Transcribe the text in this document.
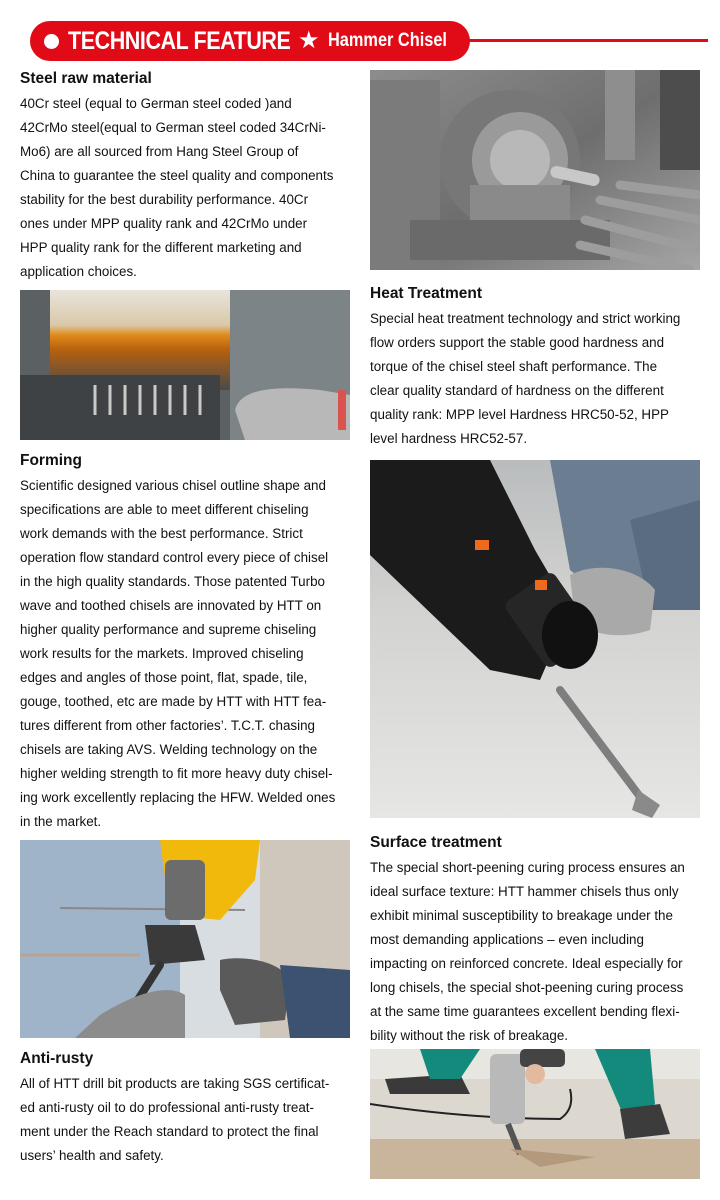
TECHNICAL FEATURE ★ Hammer Chisel
Steel raw material
40Cr steel (equal to German steel coded )and
42CrMo steel(equal to German steel coded 34CrNi-
Mo6) are all sourced from Hang Steel Group of
China to guarantee the steel quality and components
stability for the best durability performance. 40Cr
ones under MPP quality rank and 42CrMo under
HPP quality rank for the different marketing and
application choices.
Heat Treatment
Special heat treatment technology and strict working
flow orders support the stable good hardness and
torque of the chisel steel shaft performance. The
clear quality standard of hardness on the different
quality rank: MPP level Hardness HRC50-52, HPP
level hardness HRC52-57.
Forming
Scientific designed various chisel outline shape and
specifications are able to meet different chiseling
work demands with the best performance. Strict
operation flow standard control every piece of chisel
in the high quality standards. Those patented Turbo
wave and toothed chisels are innovated by HTT on
higher quality performance and supreme chiseling
work results for the markets. Improved chiseling
edges and angles of those point, flat, spade, tile,
gouge, toothed, etc are made by HTT with HTT fea-
tures different from other factories’. T.C.T. chasing
chisels are taking AVS. Welding technology on the
higher welding strength to fit more heavy duty chisel-
ing work excellently replacing the HFW. Welded ones
in the market.
Surface treatment
The special short-peening curing process ensures an
ideal surface texture: HTT hammer chisels thus only
exhibit minimal susceptibility to breakage under the
most demanding applications – even including
impacting on reinforced concrete. Ideal especially for
long chisels, the special shot-peening curing process
at the same time guarantees excellent bending flexi-
bility without the risk of breakage.
Anti-rusty
All of HTT drill bit products are taking SGS certificat-
ed anti-rusty oil to do professional anti-rusty treat-
ment under the Reach standard to protect the final
users’ health and safety.
